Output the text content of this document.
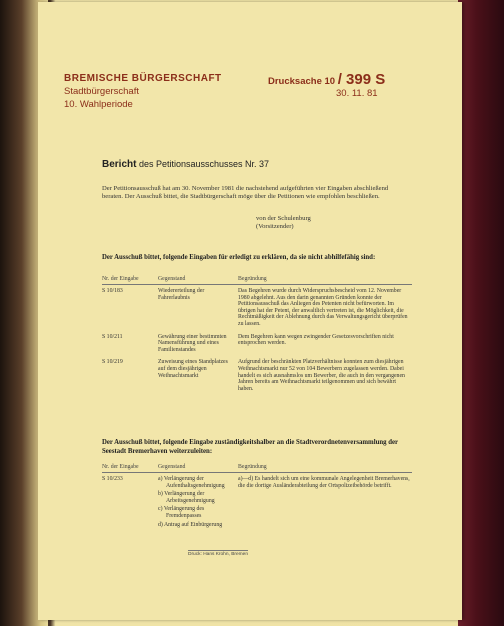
BREMISCHE BÜRGERSCHAFT
Stadtbürgerschaft
10. Wahlperiode
Drucksache 10 / 399 S
30. 11. 81
Bericht des Petitionsausschusses Nr. 37
Der Petitionsausschuß hat am 30. November 1981 die nachstehend aufgeführten vier Eingaben abschließend beraten. Der Ausschuß bittet, die Stadtbürgerschaft möge über die Petitionen wie empfohlen beschließen.
von der Schulenburg
(Vorsitzender)
Der Ausschuß bittet, folgende Eingaben für erledigt zu erklären, da sie nicht abhilfefähig sind:
Nr. der Eingabe	Gegenstand	Begründung
S 10/183	Wiedererteilung der Fahrerlaubnis	Das Begehren wurde durch Widerspruchsbescheid vom 12. November 1980 abgelehnt. Aus den darin genannten Gründen konnte der Petitionsausschuß das Anliegen des Petenten nicht befürworten. Im übrigen hat der Petent, der anwaltlich vertreten ist, die Möglichkeit, die Rechtmäßigkeit der Ablehnung durch das Verwaltungsgericht überprüfen zu lassen.
S 10/211	Gewährung einer bestimmten Namensführung und eines Familienstandes	Dem Begehren kann wegen zwingender Gesetzesvorschriften nicht entsprochen werden.
S 10/219	Zuweisung eines Standplatzes auf dem diesjährigen Weihnachtsmarkt	Aufgrund der beschränkten Platzverhältnisse konnten zum diesjährigen Weihnachtsmarkt nur 52 von 104 Bewerbern zugelassen werden. Dabei handelt es sich ausnahmslos um Bewerber, die auch in den vergangenen Jahren bereits am Weihnachtsmarkt teilgenommen und sich bewährt haben.
Der Ausschuß bittet, folgende Eingabe zuständigkeitshalber an die Stadtverordnetenversammlung der Seestadt Bremerhaven weiterzuleiten:
Nr. der Eingabe	Gegenstand	Begründung
S 10/233	a) Verlängerung der Aufenthaltsgenehmigung
b) Verlängerung der Arbeitsgenehmigung
c) Verlängerung des Fremdenpasses
d) Antrag auf Einbürgerung	a)—d) Es handelt sich um eine kommunale Angelegenheit Bremerhavens, die die dortige Ausländerabteilung der Ortspolizeibehörde betrifft.
Druck: Hans Krohn, Bremen
